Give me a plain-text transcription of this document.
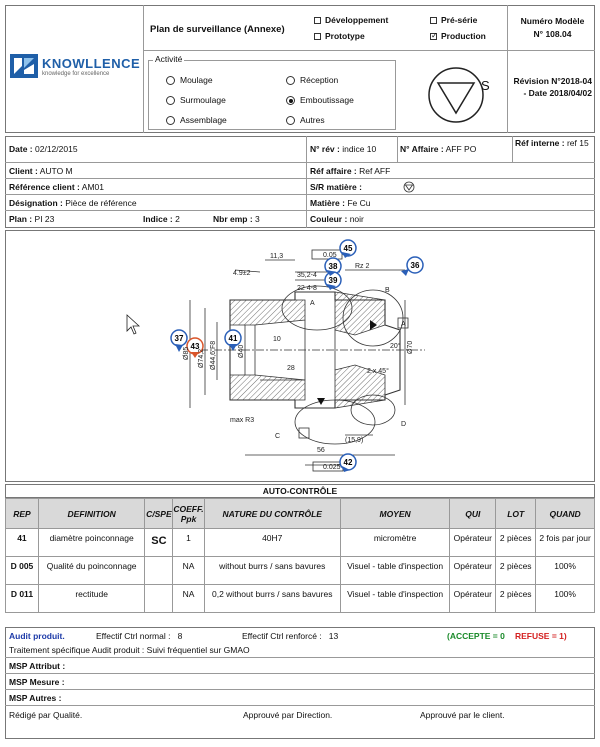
KNOWLLENCE
knowledge for excellence
Plan de surveillance (Annexe)
Développement	Pré-série
Prototype ✓	Production
Numéro Modèle
N° 108.04
Révision N°2018-04 - Date 2018/04/02
Activité
Moulage	Réception
Surmoulage	Emboutissage
Assemblage	Autres
S
Date : 02/12/2015	N° rév : indice 10	N° Affaire : AFF PO
Réf interne : ref 15
Client : AUTO M	Réf affaire : Ref AFF
Référence client : AM01	S/R matière :
Désignation : Pièce de référence	Matière : Fe Cu
Plan : PI 23	Indice : 2	Nbr emp : 3	Couleur : noir
45
38
39
36
37
43
41
42
A
B
C
D
A
Rz 2
max R3
(15,9)
56
28
10
11,3
22 4-8
35,2-4
4.9±2
0.05
0.025
2 x 45°
Ø70
Ø40
Ø85 Ø74,2 Ø44,6 F8	20°
AUTO-CONTRÔLE
REP	DEFINITION	C/SPE	COEFF. Ppk	NATURE DU CONTRÔLE	MOYEN	QUI	LOT	QUAND
41	diamètre poinconnage	SC	1	40H7	micromètre	Opérateur	2 pièces	2 fois par jour
D 005	Qualité du poinconnage		NA	without burrs / sans bavures	Visuel - table d'inspection	Opérateur	2 pièces	100%
D 011	rectitude		NA	0,2 without burrs / sans bavures	Visuel - table d'inspection	Opérateur	2 pièces	100%
Audit produit.	Effectif Ctrl normal : 8	Effectif Ctrl renforcé : 13	(ACCEPTE = 0 REFUSE = 1)
Traitement spécifique Audit produit : Suivi fréquentiel sur GMAO
MSP Attribut :
MSP Mesure :
MSP Autres :
Rédigé par Qualité.	Approuvé par Direction.	Approuvé par le client.
